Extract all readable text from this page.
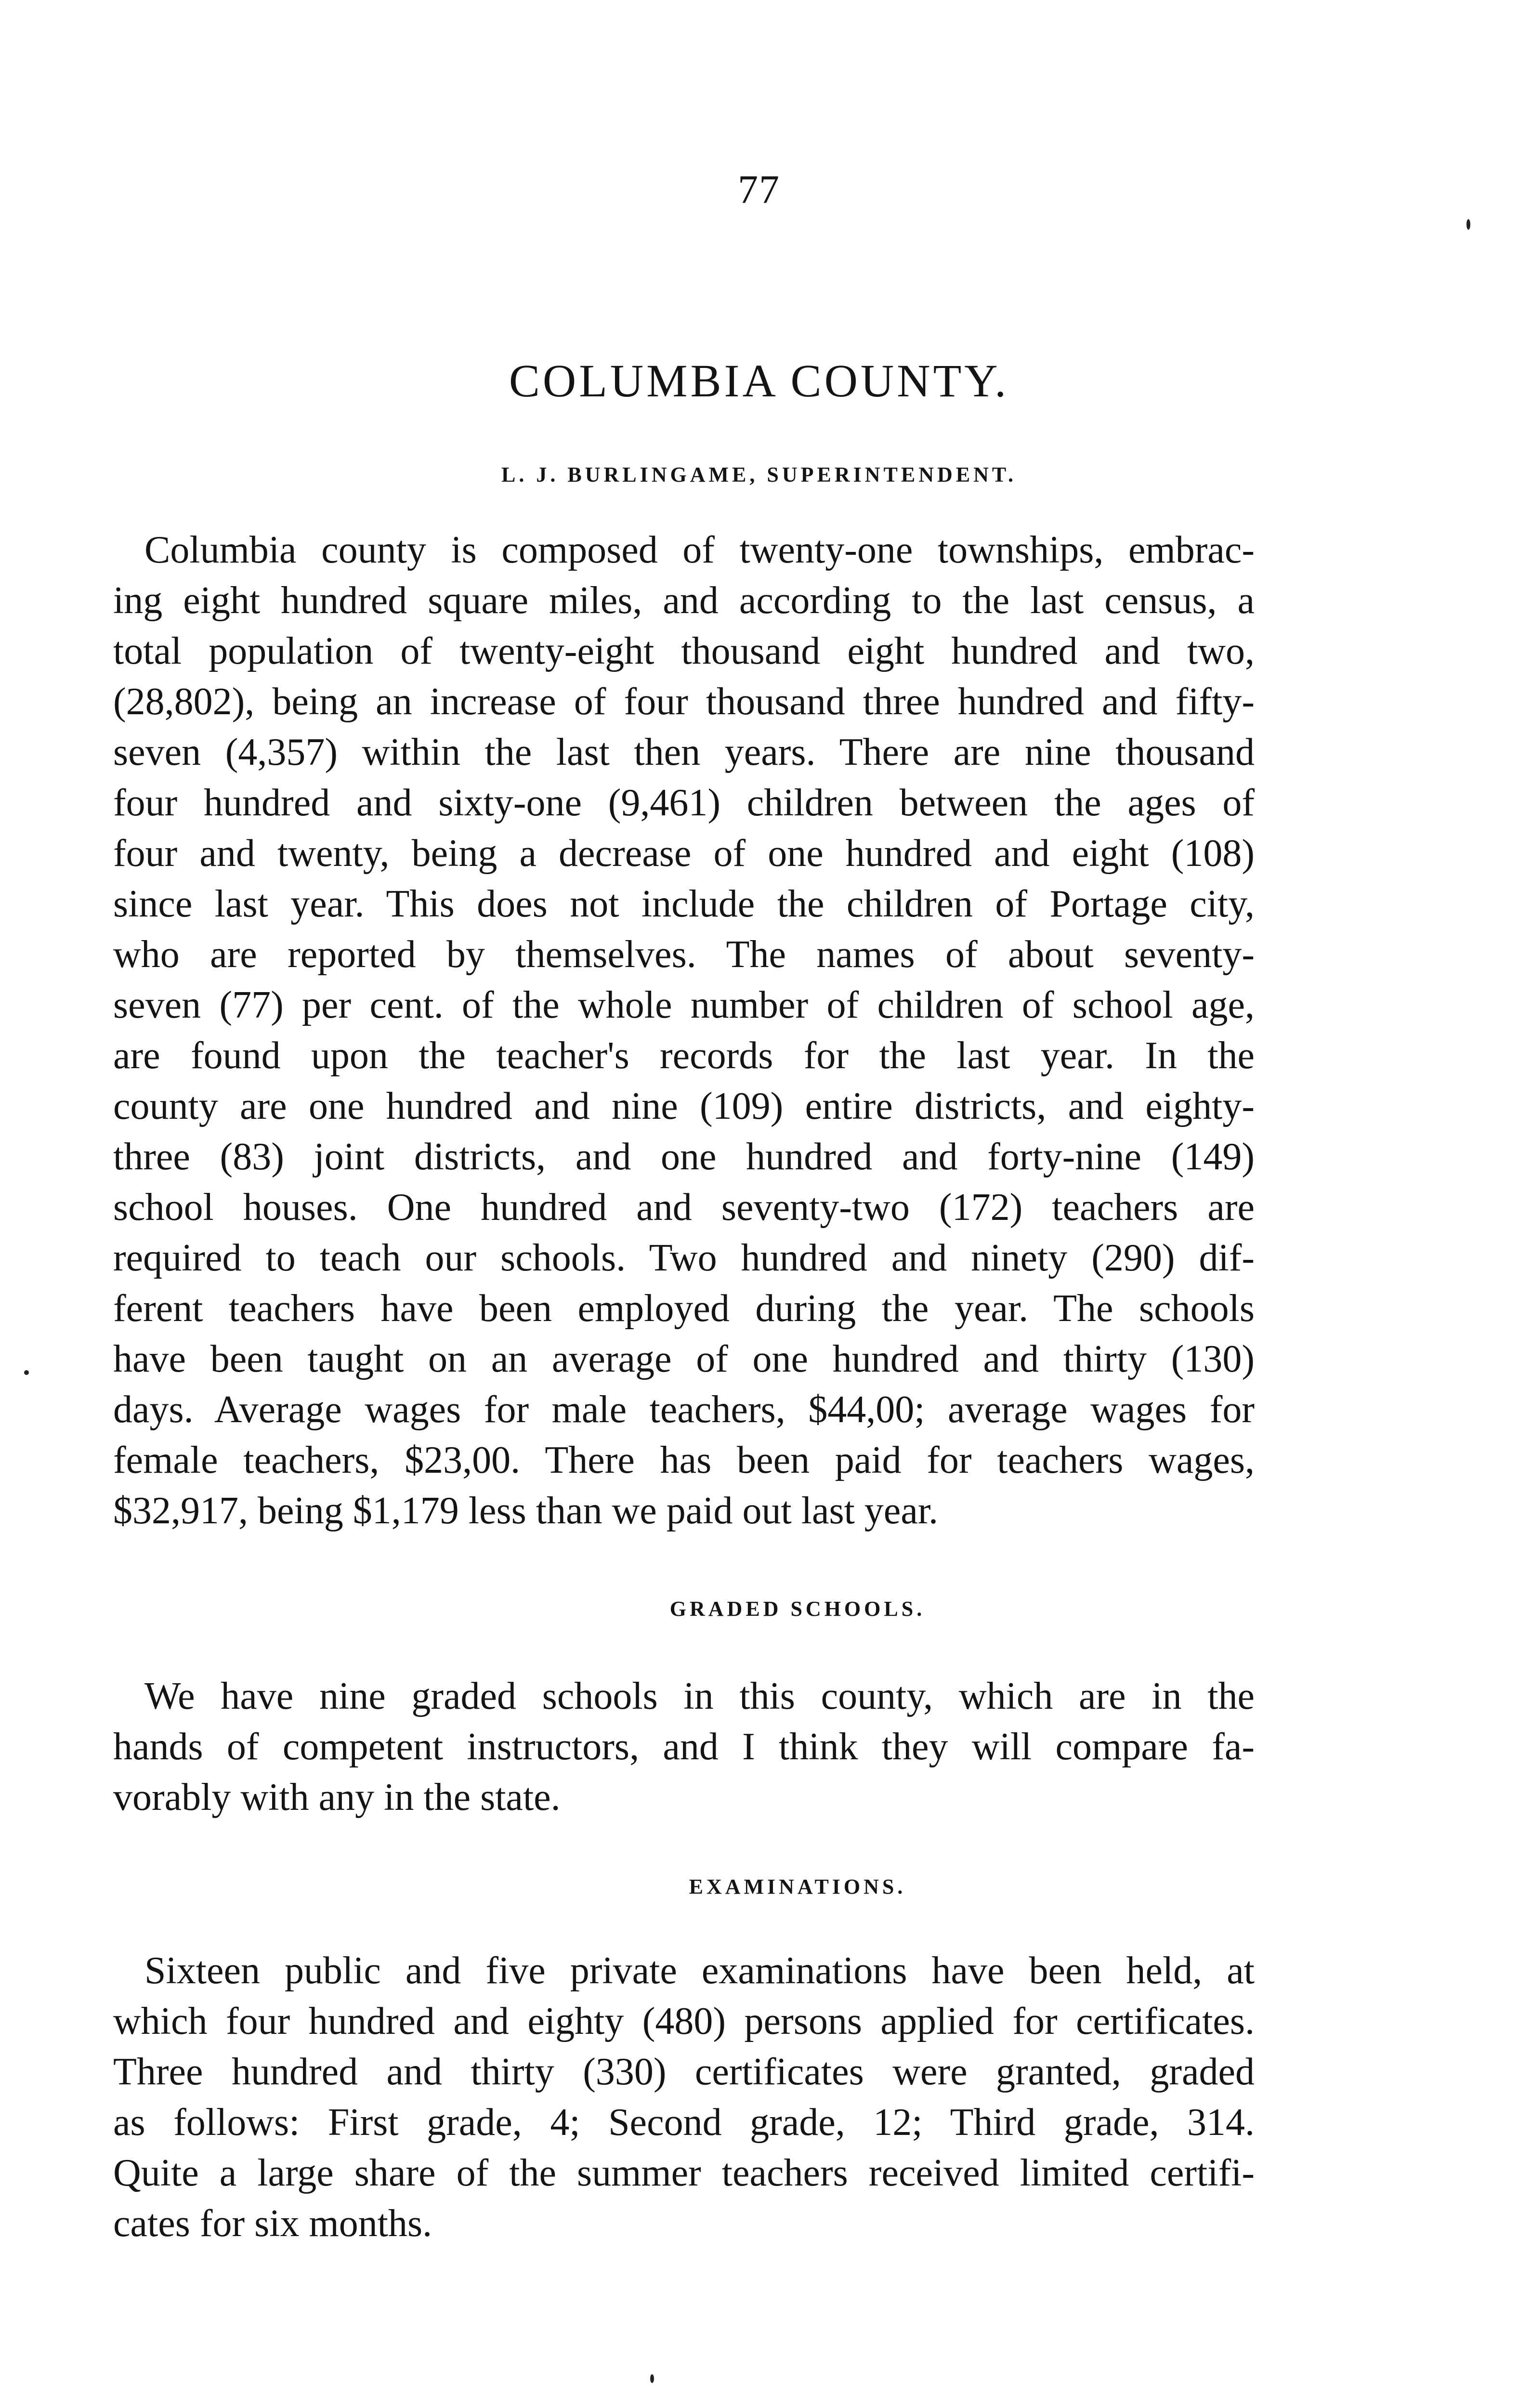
77
COLUMBIA COUNTY.
L. J. BURLINGAME, SUPERINTENDENT.
Columbia county is composed of twenty-one townships, embrac-
ing eight hundred square miles, and according to the last census, a
total population of twenty-eight thousand eight hundred and two,
(28,802), being an increase of four thousand three hundred and fifty-
seven (4,357) within the last then years. There are nine thousand
four hundred and sixty-one (9,461) children between the ages of
four and twenty, being a decrease of one hundred and eight (108)
since last year. This does not include the children of Portage city,
who are reported by themselves. The names of about seventy-
seven (77) per cent. of the whole number of children of school age,
are found upon the teacher's records for the last year. In the
county are one hundred and nine (109) entire districts, and eighty-
three (83) joint districts, and one hundred and forty-nine (149)
school houses. One hundred and seventy-two (172) teachers are
required to teach our schools. Two hundred and ninety (290) dif-
ferent teachers have been employed during the year. The schools
have been taught on an average of one hundred and thirty (130)
days. Average wages for male teachers, $44,00; average wages for
female teachers, $23,00. There has been paid for teachers wages,
$32,917, being $1,179 less than we paid out last year.
GRADED SCHOOLS.
We have nine graded schools in this county, which are in the
hands of competent instructors, and I think they will compare fa-
vorably with any in the state.
EXAMINATIONS.
Sixteen public and five private examinations have been held, at
which four hundred and eighty (480) persons applied for certificates.
Three hundred and thirty (330) certificates were granted, graded
as follows: First grade, 4; Second grade, 12; Third grade, 314.
Quite a large share of the summer teachers received limited certifi-
cates for six months.
